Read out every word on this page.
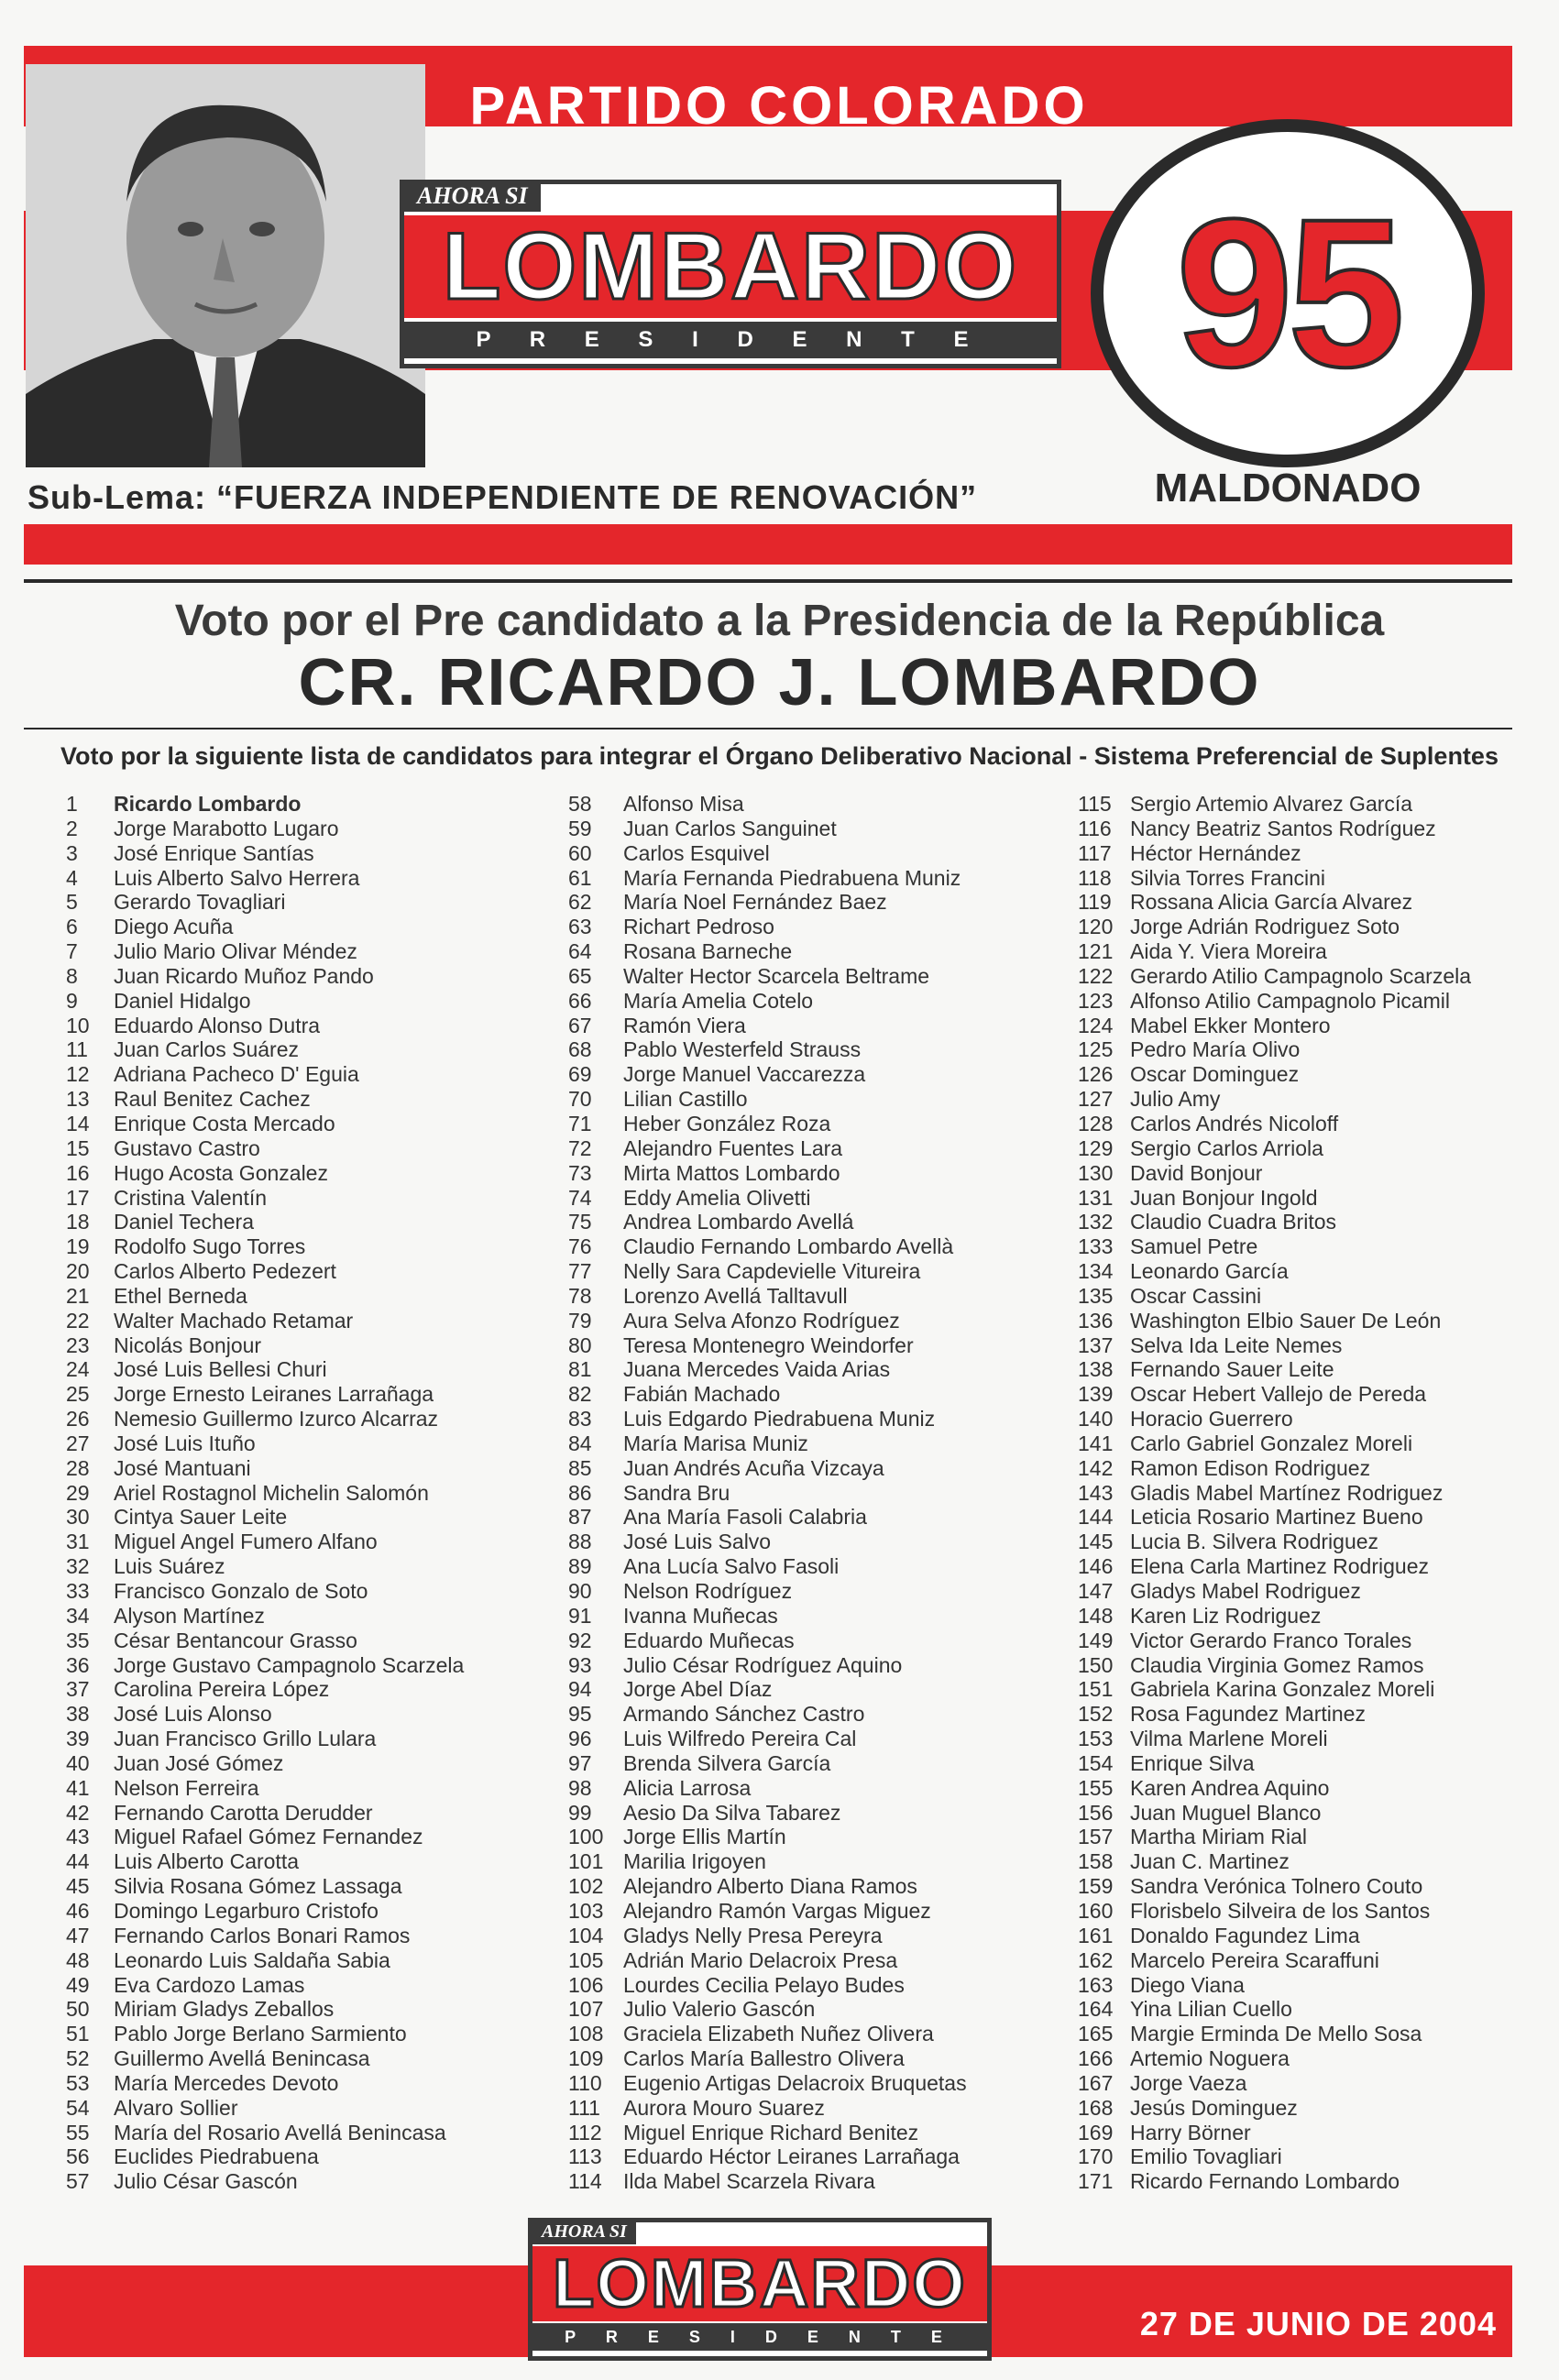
PARTIDO COLORADO
AHORA SI
LOMBARDO
P R E S I D E N T E 95
MALDONADO
Sub-Lema: “FUERZA INDEPENDIENTE DE RENOVACIÓN”
Voto por el Pre candidato a la Presidencia de la República
CR. RICARDO J. LOMBARDO
Voto por la siguiente lista de candidatos para integrar el Órgano Deliberativo Nacional - Sistema Preferencial de Suplentes
1 Ricardo Lombardo
2 Jorge Marabotto Lugaro
3 José Enrique Santías
4 Luis Alberto Salvo Herrera
5 Gerardo Tovagliari
6 Diego Acuña
7 Julio Mario Olivar Méndez
8 Juan Ricardo Muñoz Pando
9 Daniel Hidalgo
10 Eduardo Alonso Dutra
11 Juan Carlos Suárez
12 Adriana Pacheco D' Eguia
13 Raul Benitez Cachez
14 Enrique Costa Mercado
15 Gustavo Castro
16 Hugo Acosta Gonzalez
17 Cristina Valentín
18 Daniel Techera
19 Rodolfo Sugo Torres
20 Carlos Alberto Pedezert
21 Ethel Berneda
22 Walter Machado Retamar
23 Nicolás Bonjour
24 José Luis Bellesi Churi
25 Jorge Ernesto Leiranes Larrañaga
26 Nemesio Guillermo Izurco Alcarraz
27 José Luis Ituño
28 José Mantuani
29 Ariel Rostagnol Michelin Salomón
30 Cintya Sauer Leite
31 Miguel Angel Fumero Alfano
32 Luis Suárez
33 Francisco Gonzalo de Soto
34 Alyson Martínez
35 César Bentancour Grasso
36 Jorge Gustavo Campagnolo Scarzela
37 Carolina Pereira López
38 José Luis Alonso
39 Juan Francisco Grillo Lulara
40 Juan José Gómez
41 Nelson Ferreira
42 Fernando Carotta Derudder
43 Miguel Rafael Gómez Fernandez
44 Luis Alberto Carotta
45 Silvia Rosana Gómez Lassaga
46 Domingo Legarburo Cristofo
47 Fernando Carlos Bonari Ramos
48 Leonardo Luis Saldaña Sabia
49 Eva Cardozo Lamas
50 Miriam Gladys Zeballos
51 Pablo Jorge Berlano Sarmiento
52 Guillermo Avellá Benincasa
53 María Mercedes Devoto
54 Alvaro Sollier
55 María del Rosario Avellá Benincasa
56 Euclides Piedrabuena
57 Julio César Gascón
58 Alfonso Misa
59 Juan Carlos Sanguinet
60 Carlos Esquivel
61 María Fernanda Piedrabuena Muniz
62 María Noel Fernández Baez
63 Richart Pedroso
64 Rosana Barneche
65 Walter Hector Scarcela Beltrame
66 María Amelia Cotelo
67 Ramón Viera
68 Pablo Westerfeld Strauss
69 Jorge Manuel Vaccarezza
70 Lilian Castillo
71 Heber González Roza
72 Alejandro Fuentes Lara
73 Mirta Mattos Lombardo
74 Eddy Amelia Olivetti
75 Andrea Lombardo Avellá
76 Claudio Fernando Lombardo Avellà
77 Nelly Sara Capdevielle Vitureira
78 Lorenzo Avellá Talltavull
79 Aura Selva Afonzo Rodríguez
80 Teresa Montenegro Weindorfer
81 Juana Mercedes Vaida Arias
82 Fabián Machado
83 Luis Edgardo Piedrabuena Muniz
84 María Marisa Muniz
85 Juan Andrés Acuña Vizcaya
86 Sandra Bru
87 Ana María Fasoli Calabria
88 José Luis Salvo
89 Ana Lucía Salvo Fasoli
90 Nelson Rodríguez
91 Ivanna Muñecas
92 Eduardo Muñecas
93 Julio César Rodríguez Aquino
94 Jorge Abel Díaz
95 Armando Sánchez Castro
96 Luis Wilfredo Pereira Cal
97 Brenda Silvera García
98 Alicia Larrosa
99 Aesio Da Silva Tabarez
100 Jorge Ellis Martín
101 Marilia Irigoyen
102 Alejandro Alberto Diana Ramos
103 Alejandro Ramón Vargas Miguez
104 Gladys Nelly Presa Pereyra
105 Adrián Mario Delacroix Presa
106 Lourdes Cecilia Pelayo Budes
107 Julio Valerio Gascón
108 Graciela Elizabeth Nuñez Olivera
109 Carlos María Ballestro Olivera
110 Eugenio Artigas Delacroix Bruquetas
111 Aurora Mouro Suarez
112 Miguel Enrique Richard Benitez
113 Eduardo Héctor Leiranes Larrañaga
114 Ilda Mabel Scarzela Rivara
115 Sergio Artemio Alvarez García
116 Nancy Beatriz Santos Rodríguez
117 Héctor Hernández
118 Silvia Torres Francini
119 Rossana Alicia García Alvarez
120 Jorge Adrián Rodriguez Soto
121 Aida Y. Viera Moreira
122 Gerardo Atilio Campagnolo Scarzela
123 Alfonso Atilio Campagnolo Picamil
124 Mabel Ekker Montero
125 Pedro María Olivo
126 Oscar Dominguez
127 Julio Amy
128 Carlos Andrés Nicoloff
129 Sergio Carlos Arriola
130 David Bonjour
131 Juan Bonjour Ingold
132 Claudio Cuadra Britos
133 Samuel Petre
134 Leonardo García
135 Oscar Cassini
136 Washington Elbio Sauer De León
137 Selva Ida Leite Nemes
138 Fernando Sauer Leite
139 Oscar Hebert Vallejo de Pereda
140 Horacio Guerrero
141 Carlo Gabriel Gonzalez Moreli
142 Ramon Edison Rodriguez
143 Gladis Mabel Martínez Rodriguez
144 Leticia Rosario Martinez Bueno
145 Lucia B. Silvera Rodriguez
146 Elena Carla Martinez Rodriguez
147 Gladys Mabel Rodriguez
148 Karen Liz Rodriguez
149 Victor Gerardo Franco Torales
150 Claudia Virginia Gomez Ramos
151 Gabriela Karina Gonzalez Moreli
152 Rosa Fagundez Martinez
153 Vilma Marlene Moreli
154 Enrique Silva
155 Karen Andrea Aquino
156 Juan Muguel Blanco
157 Martha Miriam Rial
158 Juan C. Martinez
159 Sandra Verónica Tolnero Couto
160 Florisbelo Silveira de los Santos
161 Donaldo Fagundez Lima
162 Marcelo Pereira Scaraffuni
163 Diego Viana
164 Yina Lilian Cuello
165 Margie Erminda De Mello Sosa
166 Artemio Noguera
167 Jorge Vaeza
168 Jesús Dominguez
169 Harry Börner
170 Emilio Tovagliari
171 Ricardo Fernando Lombardo
AHORA SI
LOMBARDO
P R E S I D E N T E	27 DE JUNIO DE 2004
